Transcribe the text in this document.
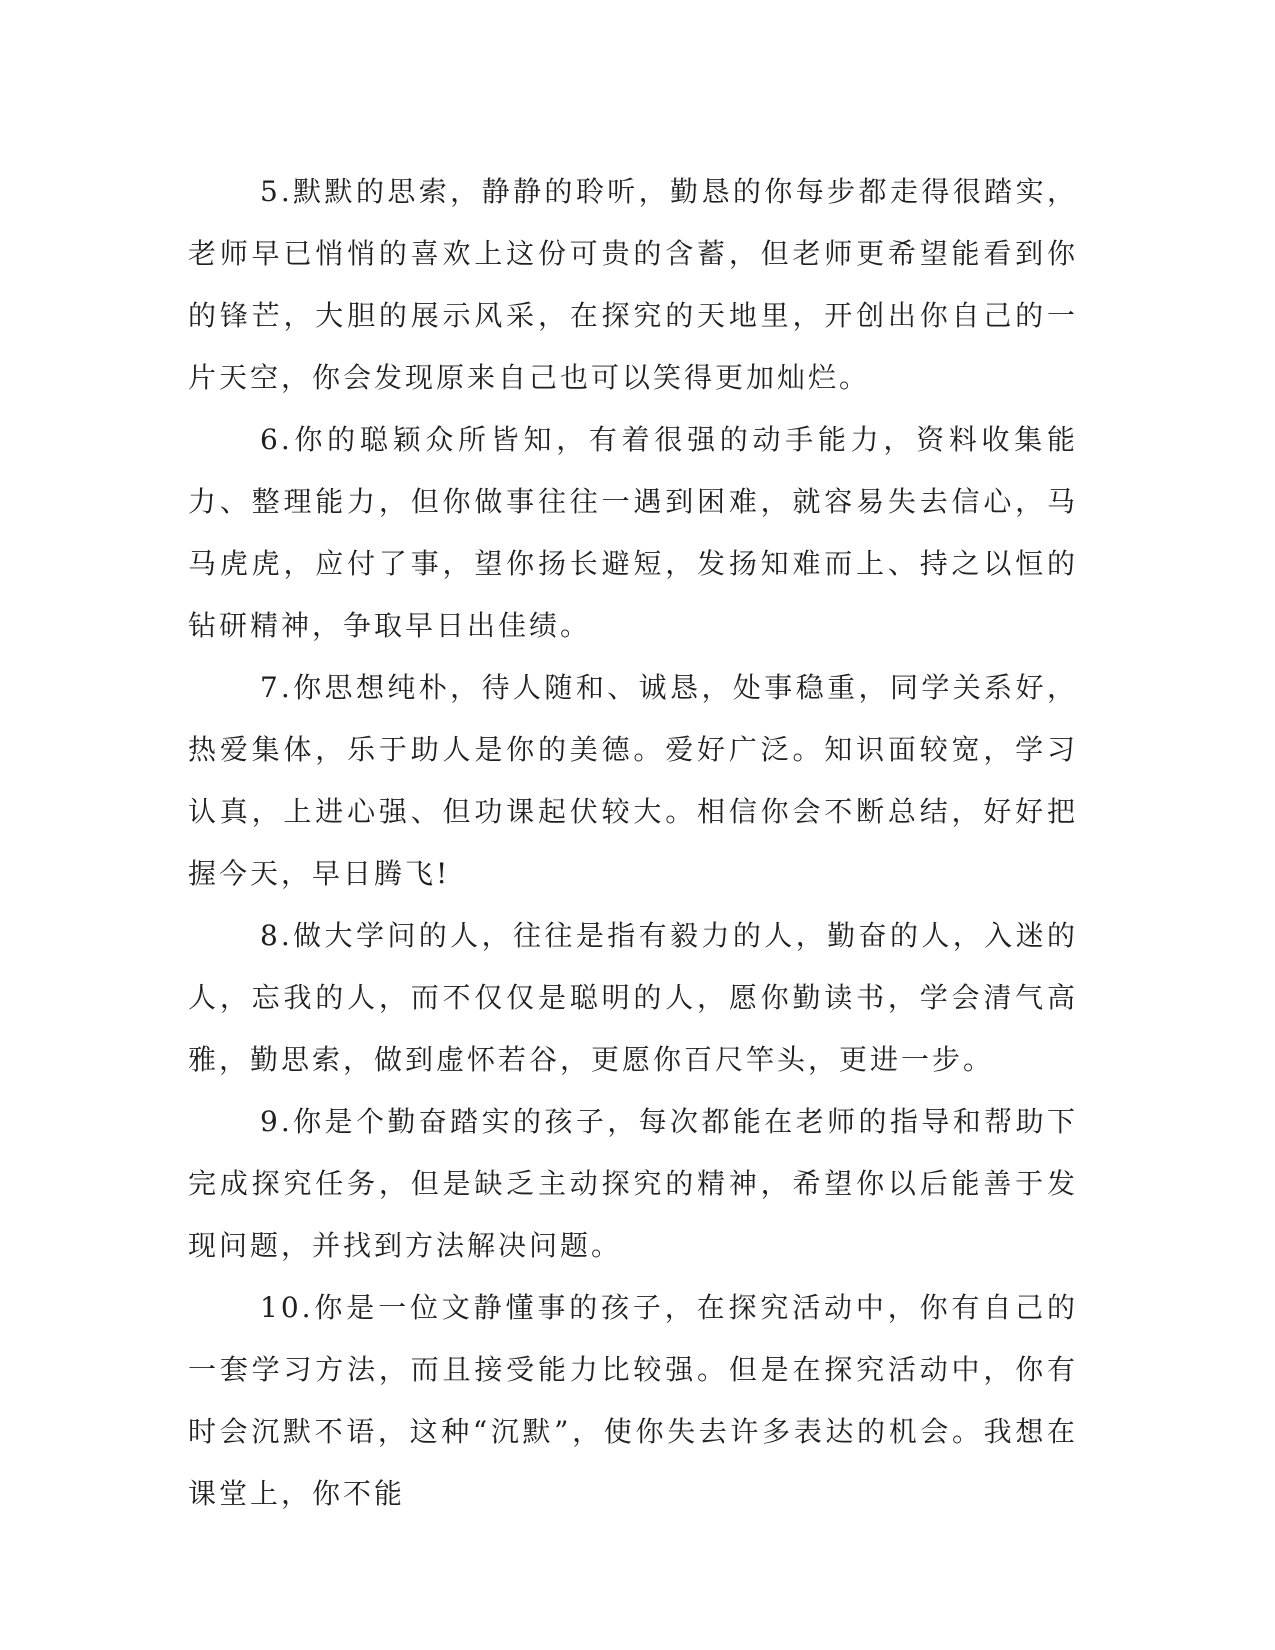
5.默默的思索，静静的聆听，勤恳的你每步都走得很踏实，老师早已悄悄的喜欢上这份可贵的含蓄，但老师更希望能看到你的锋芒，大胆的展示风采，在探究的天地里，开创出你自己的一片天空，你会发现原来自己也可以笑得更加灿烂。

6.你的聪颖众所皆知，有着很强的动手能力，资料收集能力、整理能力，但你做事往往一遇到困难，就容易失去信心，马马虎虎，应付了事，望你扬长避短，发扬知难而上、持之以恒的钻研精神，争取早日出佳绩。

7.你思想纯朴，待人随和、诚恳，处事稳重，同学关系好，热爱集体，乐于助人是你的美德。爱好广泛。知识面较宽，学习认真，上进心强、但功课起伏较大。相信你会不断总结，好好把握今天，早日腾飞!

8.做大学问的人，往往是指有毅力的人，勤奋的人，入迷的人，忘我的人，而不仅仅是聪明的人，愿你勤读书，学会清气高雅，勤思索，做到虚怀若谷，更愿你百尺竿头，更进一步。

9.你是个勤奋踏实的孩子，每次都能在老师的指导和帮助下完成探究任务，但是缺乏主动探究的精神，希望你以后能善于发现问题，并找到方法解决问题。

10.你是一位文静懂事的孩子，在探究活动中，你有自己的一套学习方法，而且接受能力比较强。但是在探究活动中，你有时会沉默不语，这种“沉默”，使你失去许多表达的机会。我想在课堂上，你不能
